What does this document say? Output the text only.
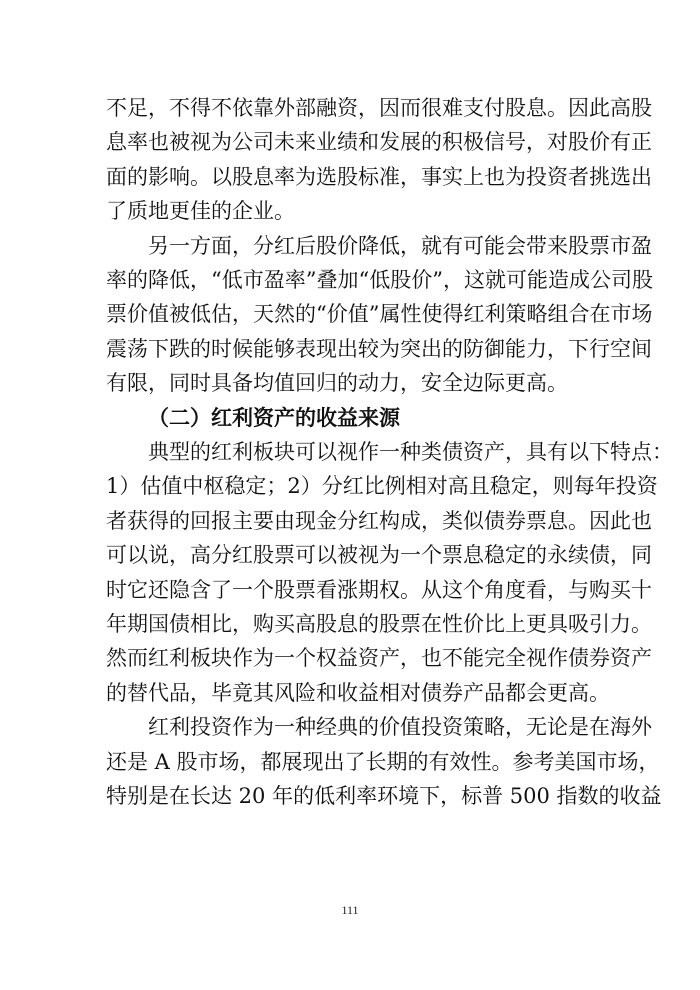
不足，不得不依靠外部融资，因而很难支付股息。因此高股
息率也被视为公司未来业绩和发展的积极信号，对股价有正
面的影响。以股息率为选股标准，事实上也为投资者挑选出
了质地更佳的企业。
另一方面，分红后股价降低，就有可能会带来股票市盈
率的降低，“低市盈率”叠加“低股价”，这就可能造成公司股
票价值被低估，天然的“价值”属性使得红利策略组合在市场
震荡下跌的时候能够表现出较为突出的防御能力，下行空间
有限，同时具备均值回归的动力，安全边际更高。
（二）红利资产的收益来源
典型的红利板块可以视作一种类债资产，具有以下特点：
1）估值中枢稳定；2）分红比例相对高且稳定，则每年投资
者获得的回报主要由现金分红构成，类似债券票息。因此也
可以说，高分红股票可以被视为一个票息稳定的永续债，同
时它还隐含了一个股票看涨期权。从这个角度看，与购买十
年期国债相比，购买高股息的股票在性价比上更具吸引力。
然而红利板块作为一个权益资产，也不能完全视作债券资产
的替代品，毕竟其风险和收益相对债券产品都会更高。
红利投资作为一种经典的价值投资策略，无论是在海外
还是 A 股市场，都展现出了长期的有效性。参考美国市场，
特别是在长达 20 年的低利率环境下，标普 500 指数的收益
111
